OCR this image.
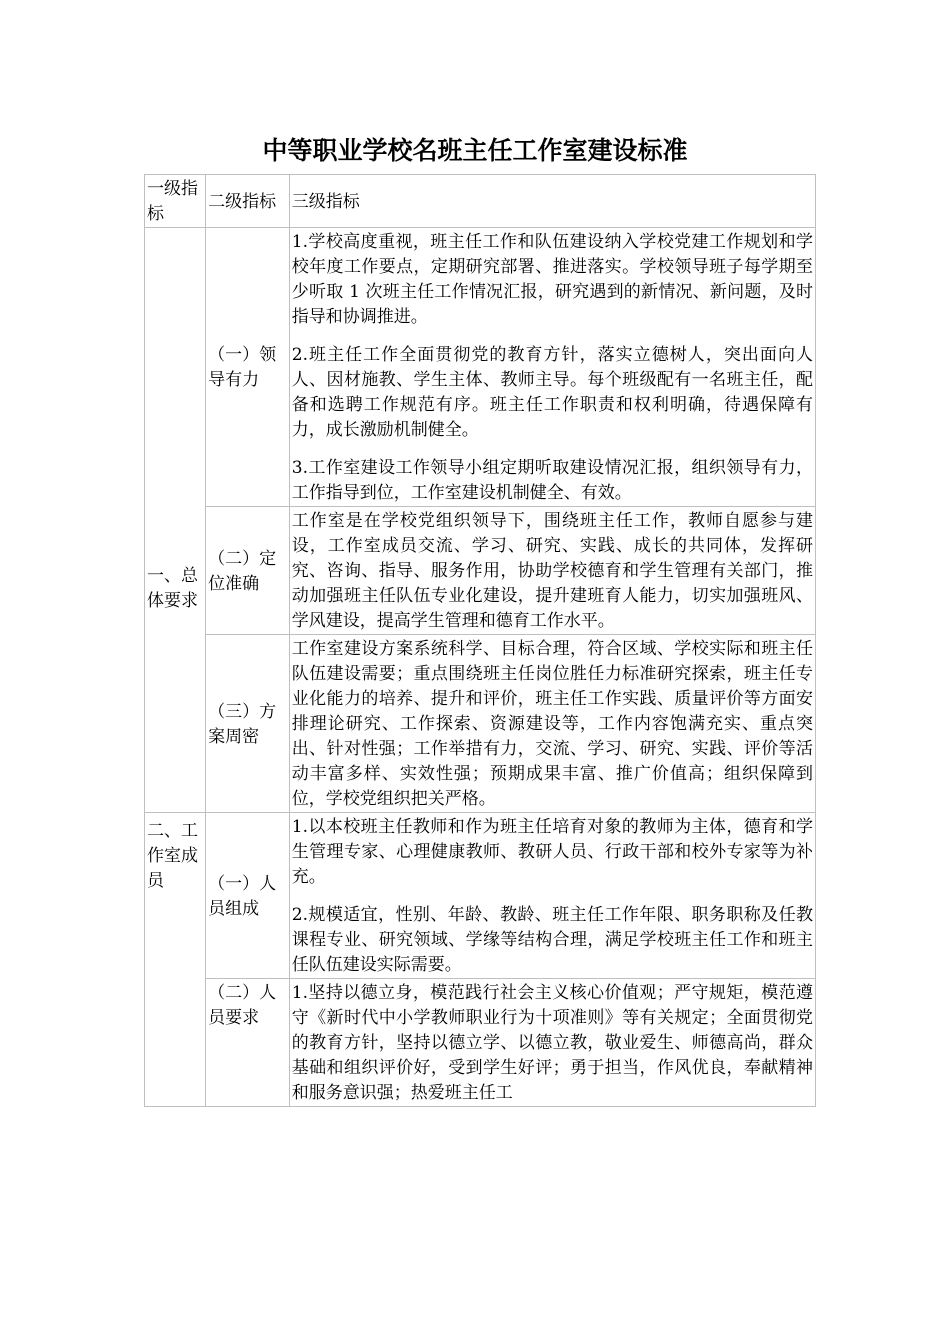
中等职业学校名班主任工作室建设标准
一级指标	二级指标	三级指标
一、总体要求	（一）领导有力	1.学校高度重视，班主任工作和队伍建设纳入学校党建工作规划和学校年度工作要点，定期研究部署、推进落实。学校领导班子每学期至少听取 1 次班主任工作情况汇报，研究遇到的新情况、新问题，及时指导和协调推进。

2.班主任工作全面贯彻党的教育方针，落实立德树人，突出面向人人、因材施教、学生主体、教师主导。每个班级配有一名班主任，配备和选聘工作规范有序。班主任工作职责和权利明确，待遇保障有力，成长激励机制健全。

3.工作室建设工作领导小组定期听取建设情况汇报，组织领导有力，工作指导到位，工作室建设机制健全、有效。

	（二）定位准确	工作室是在学校党组织领导下，围绕班主任工作，教师自愿参与建设，工作室成员交流、学习、研究、实践、成长的共同体，发挥研究、咨询、指导、服务作用，协助学校德育和学生管理有关部门，推动加强班主任队伍专业化建设，提升建班育人能力，切实加强班风、学风建设，提高学生管理和德育工作水平。

	（三）方案周密	工作室建设方案系统科学、目标合理，符合区域、学校实际和班主任队伍建设需要；重点围绕班主任岗位胜任力标准研究探索，班主任专业化能力的培养、提升和评价，班主任工作实践、质量评价等方面安排理论研究、工作探索、资源建设等，工作内容饱满充实、重点突出、针对性强；工作举措有力，交流、学习、研究、实践、评价等活动丰富多样、实效性强；预期成果丰富、推广价值高；组织保障到位，学校党组织把关严格。

二、工作室成员	（一）人员组成	1.以本校班主任教师和作为班主任培育对象的教师为主体，德育和学生管理专家、心理健康教师、教研人员、行政干部和校外专家等为补充。

2.规模适宜，性别、年龄、教龄、班主任工作年限、职务职称及任教课程专业、研究领域、学缘等结构合理，满足学校班主任工作和班主任队伍建设实际需要。

	（二）人员要求	1.坚持以德立身，模范践行社会主义核心价值观；严守规矩，模范遵守《新时代中小学教师职业行为十项准则》等有关规定；全面贯彻党的教育方针，坚持以德立学、以德立教，敬业爱生、师德高尚，群众基础和组织评价好，受到学生好评；勇于担当，作风优良，奉献精神和服务意识强；热爱班主任工
